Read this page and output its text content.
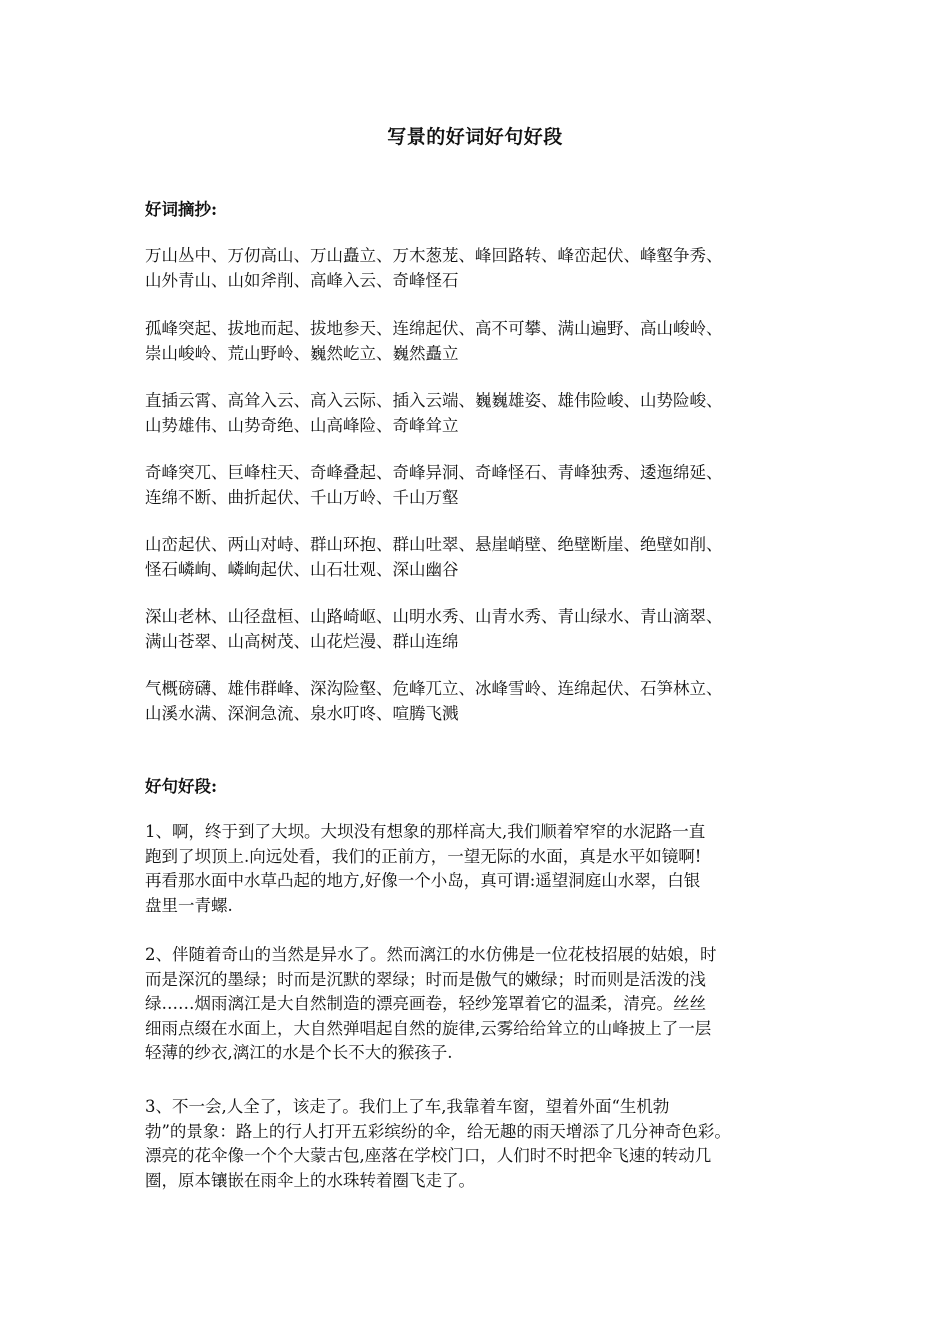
写景的好词好句好段
好词摘抄:
万山丛中、万仞高山、万山矗立、万木葱茏、峰回路转、峰峦起伏、峰壑争秀、
山外青山、山如斧削、高峰入云、奇峰怪石
孤峰突起、拔地而起、拔地参天、连绵起伏、高不可攀、满山遍野、高山峻岭、
崇山峻岭、荒山野岭、巍然屹立、巍然矗立
直插云霄、高耸入云、高入云际、插入云端、巍巍雄姿、雄伟险峻、山势险峻、
山势雄伟、山势奇绝、山高峰险、奇峰耸立
奇峰突兀、巨峰柱天、奇峰叠起、奇峰异洞、奇峰怪石、青峰独秀、逶迤绵延、
连绵不断、曲折起伏、千山万岭、千山万壑
山峦起伏、两山对峙、群山环抱、群山吐翠、悬崖峭壁、绝壁断崖、绝壁如削、
怪石嶙峋、嶙峋起伏、山石壮观、深山幽谷
深山老林、山径盘桓、山路崎岖、山明水秀、山青水秀、青山绿水、青山滴翠、
满山苍翠、山高树茂、山花烂漫、群山连绵
气概磅礴、雄伟群峰、深沟险壑、危峰兀立、冰峰雪岭、连绵起伏、石笋林立、
山溪水满、深涧急流、泉水叮咚、喧腾飞溅
好句好段:
1、啊，终于到了大坝。大坝没有想象的那样高大,我们顺着窄窄的水泥路一直
跑到了坝顶上.向远处看，我们的正前方，一望无际的水面，真是水平如镜啊!
再看那水面中水草凸起的地方,好像一个小岛，真可谓:遥望洞庭山水翠，白银
盘里一青螺.
2、伴随着奇山的当然是异水了。然而漓江的水仿佛是一位花枝招展的姑娘，时
而是深沉的墨绿；时而是沉默的翠绿；时而是傲气的嫩绿；时而则是活泼的浅
绿……烟雨漓江是大自然制造的漂亮画卷，轻纱笼罩着它的温柔，清亮。丝丝
细雨点缀在水面上，大自然弹唱起自然的旋律,云雾给给耸立的山峰披上了一层
轻薄的纱衣,漓江的水是个长不大的猴孩子.
3、不一会,人全了，该走了。我们上了车,我靠着车窗，望着外面“生机勃
勃”的景象：路上的行人打开五彩缤纷的伞，给无趣的雨天增添了几分神奇色彩。
漂亮的花伞像一个个大蒙古包,座落在学校门口，人们时不时把伞飞速的转动几
圈，原本镶嵌在雨伞上的水珠转着圈飞走了。
